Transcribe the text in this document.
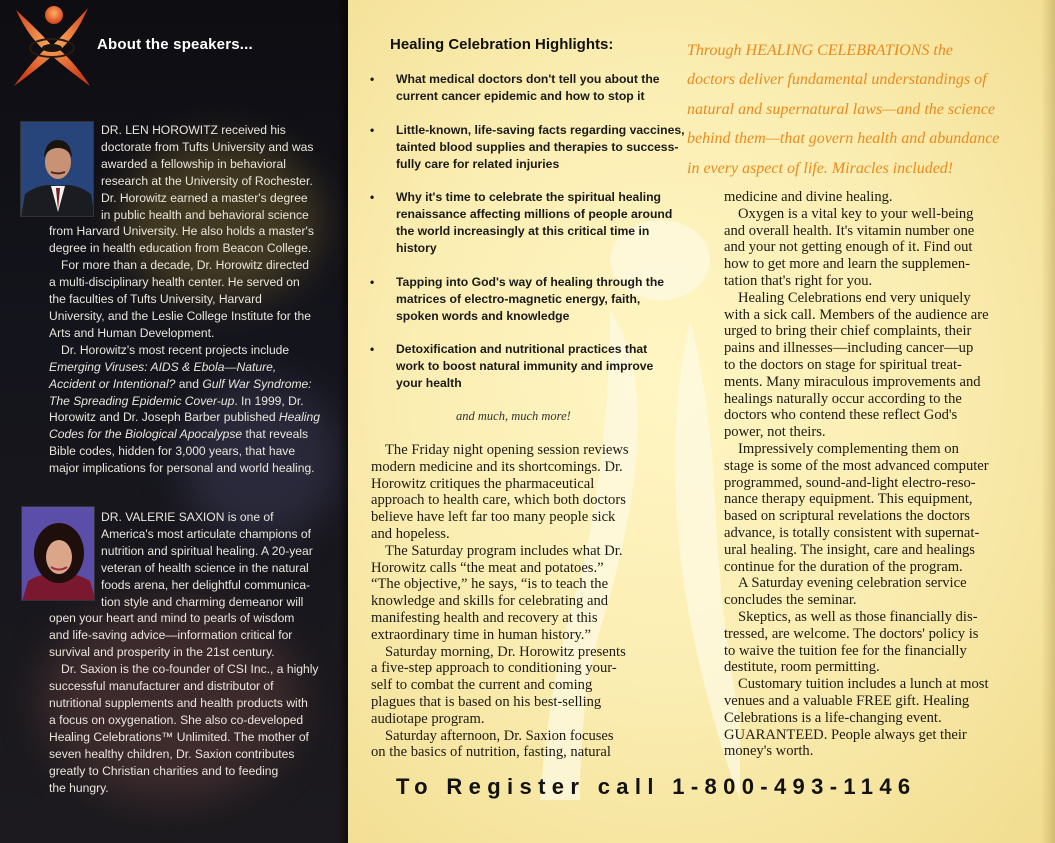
About the speakers...
DR. LEN HOROWITZ received his
doctorate from Tufts University and was
awarded a fellowship in behavioral
research at the University of Rochester.
Dr. Horowitz earned a master's degree
in public health and behavioral science
from Harvard University. He also holds a master's
degree in health education from Beacon College.
For more than a decade, Dr. Horowitz directed
a multi-disciplinary health center. He served on
the faculties of Tufts University, Harvard
University, and the Leslie College Institute for the
Arts and Human Development.
Dr. Horowitz's most recent projects include
Emerging Viruses: AIDS & Ebola—Nature,
Accident or Intentional? and Gulf War Syndrome:
The Spreading Epidemic Cover-up. In 1999, Dr.
Horowitz and Dr. Joseph Barber published Healing
Codes for the Biological Apocalypse that reveals
Bible codes, hidden for 3,000 years, that have
major implications for personal and world healing.
DR. VALERIE SAXION is one of
America's most articulate champions of
nutrition and spiritual healing. A 20-year
veteran of health science in the natural
foods arena, her delightful communica-
tion style and charming demeanor will
open your heart and mind to pearls of wisdom
and life-saving advice—information critical for
survival and prosperity in the 21st century.
Dr. Saxion is the co-founder of CSI Inc., a highly
successful manufacturer and distributor of
nutritional supplements and health products with
a focus on oxygenation. She also co-developed
Healing Celebrations™ Unlimited. The mother of
seven healthy children, Dr. Saxion contributes
greatly to Christian charities and to feeding
the hungry.
Healing Celebration Highlights:
• What medical doctors don't tell you about the
current cancer epidemic and how to stop it
• Little-known, life-saving facts regarding vaccines,
tainted blood supplies and therapies to success-
fully care for related injuries
• Why it's time to celebrate the spiritual healing
renaissance affecting millions of people around
the world increasingly at this critical time in
history
• Tapping into God's way of healing through the
matrices of electro-magnetic energy, faith,
spoken words and knowledge
• Detoxification and nutritional practices that
work to boost natural immunity and improve
your health
and much, much more!
The Friday night opening session reviews
modern medicine and its shortcomings. Dr.
Horowitz critiques the pharmaceutical
approach to health care, which both doctors
believe have left far too many people sick
and hopeless.
The Saturday program includes what Dr.
Horowitz calls “the meat and potatoes.”
“The objective,” he says, “is to teach the
knowledge and skills for celebrating and
manifesting health and recovery at this
extraordinary time in human history.”
Saturday morning, Dr. Horowitz presents
a five-step approach to conditioning your-
self to combat the current and coming
plagues that is based on his best-selling
audiotape program.
Saturday afternoon, Dr. Saxion focuses
on the basics of nutrition, fasting, natural
Through HEALING CELEBRATIONS the
doctors deliver fundamental understandings of
natural and supernatural laws—and the science
behind them—that govern health and abundance
in every aspect of life. Miracles included!
medicine and divine healing.
Oxygen is a vital key to your well-being
and overall health. It's vitamin number one
and your not getting enough of it. Find out
how to get more and learn the supplemen-
tation that's right for you.
Healing Celebrations end very uniquely
with a sick call. Members of the audience are
urged to bring their chief complaints, their
pains and illnesses—including cancer—up
to the doctors on stage for spiritual treat-
ments. Many miraculous improvements and
healings naturally occur according to the
doctors who contend these reflect God's
power, not theirs.
Impressively complementing them on
stage is some of the most advanced computer
programmed, sound-and-light electro-reso-
nance therapy equipment. This equipment,
based on scriptural revelations the doctors
advance, is totally consistent with supernat-
ural healing. The insight, care and healings
continue for the duration of the program.
A Saturday evening celebration service
concludes the seminar.
Skeptics, as well as those financially dis-
tressed, are welcome. The doctors' policy is
to waive the tuition fee for the financially
destitute, room permitting.
Customary tuition includes a lunch at most
venues and a valuable FREE gift. Healing
Celebrations is a life-changing event.
GUARANTEED. People always get their
money's worth.
To Register call 1-800-493-1146
